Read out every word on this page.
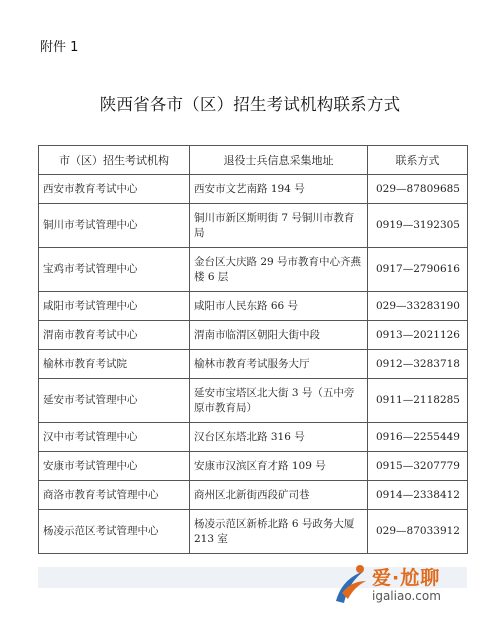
附件 1
陕西省各市（区）招生考试机构联系方式
市（区）招生考试机构	退役士兵信息采集地址	联系方式
西安市教育考试中心	西安市文艺南路 194 号	029—87809685
铜川市考试管理中心	铜川市新区斯明街 7 号铜川市教育局	0919—3192305
宝鸡市考试管理中心	金台区大庆路 29 号市教育中心齐燕楼 6 层	0917—2790616
咸阳市考试管理中心	咸阳市人民东路 66 号	029—33283190
渭南市教育考试中心	渭南市临渭区朝阳大街中段	0913—2021126
榆林市教育考试院	榆林市教育考试服务大厅	0912—3283718
延安市考试管理中心	延安市宝塔区北大街 3 号（五中旁原市教育局）	0911—2118285
汉中市考试管理中心	汉台区东塔北路 316 号	0916—2255449
安康市考试管理中心	安康市汉滨区育才路 109 号	0915—3207779
商洛市教育考试管理中心	商州区北新街西段矿司巷	0914—2338412
杨凌示范区考试管理中心	杨凌示范区新桥北路 6 号政务大厦 213 室	029—87033912
爱·尬聊
igaliao.com
